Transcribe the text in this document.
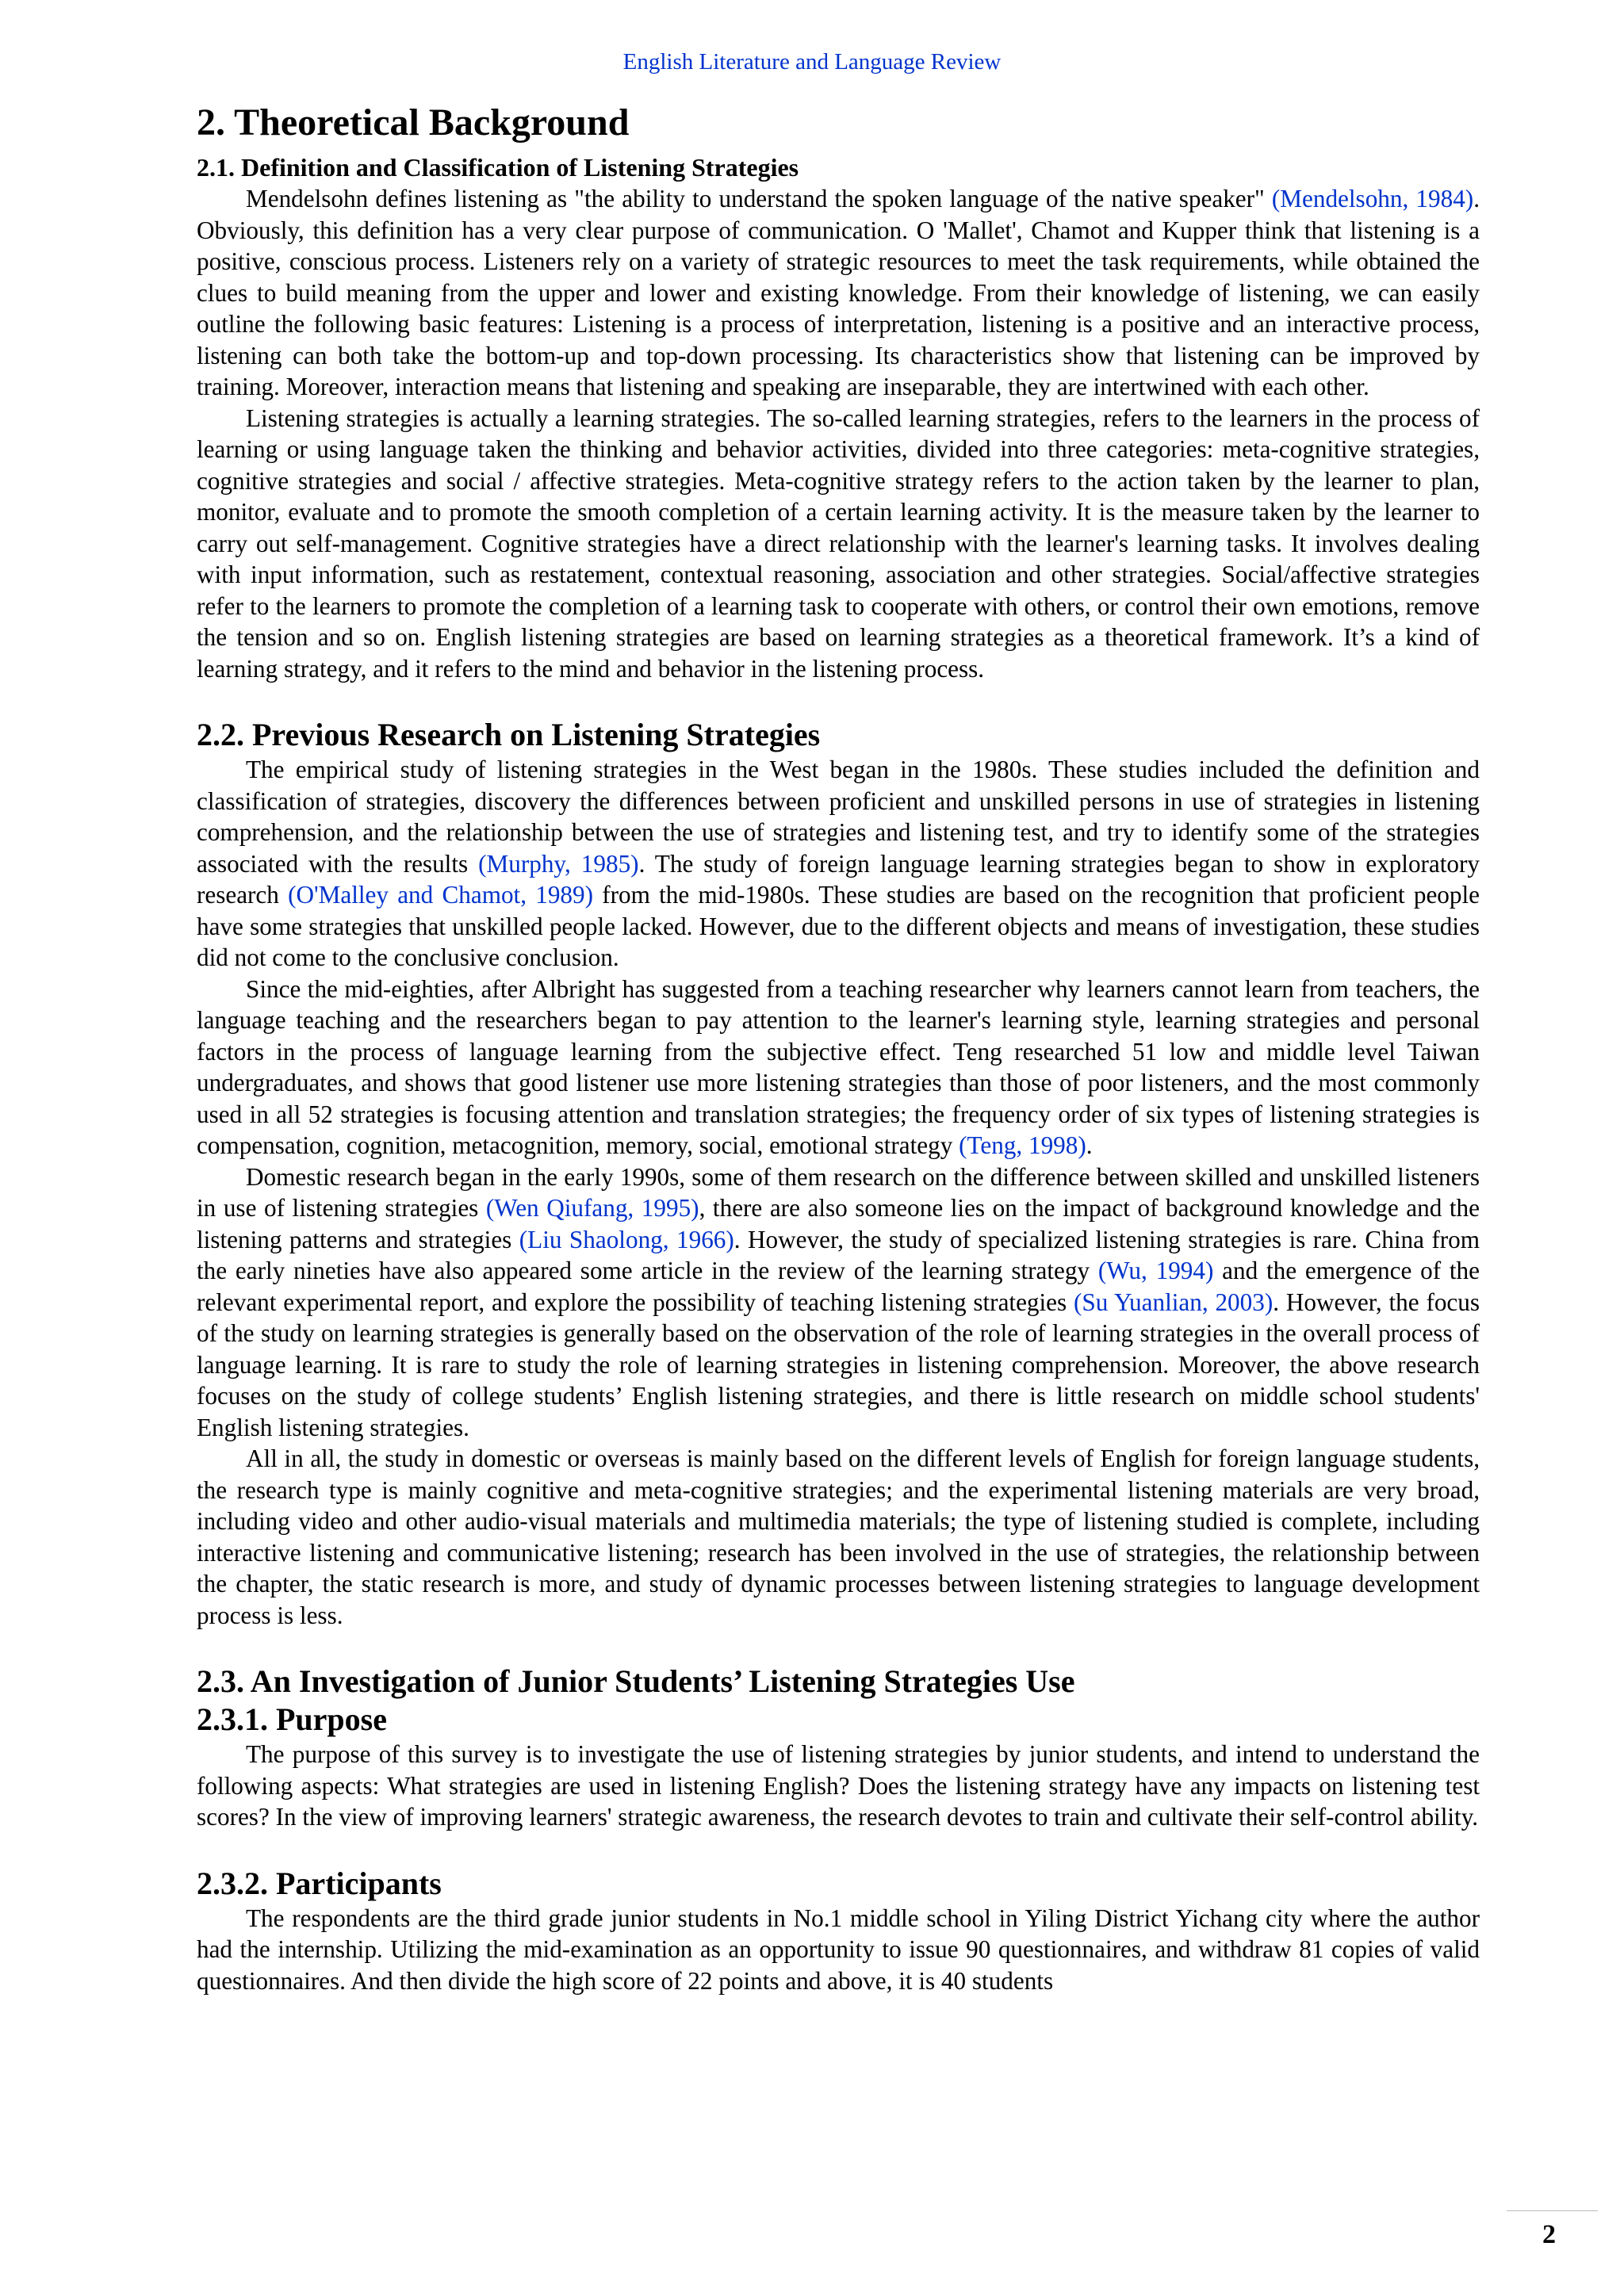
English Literature and Language Review
2. Theoretical Background
2.1. Definition and Classification of Listening Strategies

Mendelsohn defines listening as "the ability to understand the spoken language of the native speaker" (Mendelsohn, 1984). Obviously, this definition has a very clear purpose of communication. O 'Mallet', Chamot and Kupper think that listening is a positive, conscious process. Listeners rely on a variety of strategic resources to meet the task requirements, while obtained the clues to build meaning from the upper and lower and existing knowledge. From their knowledge of listening, we can easily outline the following basic features: Listening is a process of interpretation, listening is a positive and an interactive process, listening can both take the bottom-up and top-down processing. Its characteristics show that listening can be improved by training. Moreover, interaction means that listening and speaking are inseparable, they are intertwined with each other.

Listening strategies is actually a learning strategies. The so-called learning strategies, refers to the learners in the process of learning or using language taken the thinking and behavior activities, divided into three categories: meta-cognitive strategies, cognitive strategies and social / affective strategies. Meta-cognitive strategy refers to the action taken by the learner to plan, monitor, evaluate and to promote the smooth completion of a certain learning activity. It is the measure taken by the learner to carry out self-management. Cognitive strategies have a direct relationship with the learner's learning tasks. It involves dealing with input information, such as restatement, contextual reasoning, association and other strategies. Social/affective strategies refer to the learners to promote the completion of a learning task to cooperate with others, or control their own emotions, remove the tension and so on. English listening strategies are based on learning strategies as a theoretical framework. It’s a kind of learning strategy, and it refers to the mind and behavior in the listening process.

2.2. Previous Research on Listening Strategies

The empirical study of listening strategies in the West began in the 1980s. These studies included the definition and classification of strategies, discovery the differences between proficient and unskilled persons in use of strategies in listening comprehension, and the relationship between the use of strategies and listening test, and try to identify some of the strategies associated with the results (Murphy, 1985). The study of foreign language learning strategies began to show in exploratory research (O'Malley and Chamot, 1989) from the mid-1980s. These studies are based on the recognition that proficient people have some strategies that unskilled people lacked. However, due to the different objects and means of investigation, these studies did not come to the conclusive conclusion.

Since the mid-eighties, after Albright has suggested from a teaching researcher why learners cannot learn from teachers, the language teaching and the researchers began to pay attention to the learner's learning style, learning strategies and personal factors in the process of language learning from the subjective effect. Teng researched 51 low and middle level Taiwan undergraduates, and shows that good listener use more listening strategies than those of poor listeners, and the most commonly used in all 52 strategies is focusing attention and translation strategies; the frequency order of six types of listening strategies is compensation, cognition, metacognition, memory, social, emotional strategy (Teng, 1998).

Domestic research began in the early 1990s, some of them research on the difference between skilled and unskilled listeners in use of listening strategies (Wen Qiufang, 1995), there are also someone lies on the impact of background knowledge and the listening patterns and strategies (Liu Shaolong, 1966). However, the study of specialized listening strategies is rare. China from the early nineties have also appeared some article in the review of the learning strategy (Wu, 1994) and the emergence of the relevant experimental report, and explore the possibility of teaching listening strategies (Su Yuanlian, 2003). However, the focus of the study on learning strategies is generally based on the observation of the role of learning strategies in the overall process of language learning. It is rare to study the role of learning strategies in listening comprehension. Moreover, the above research focuses on the study of college students’ English listening strategies, and there is little research on middle school students' English listening strategies.

All in all, the study in domestic or overseas is mainly based on the different levels of English for foreign language students, the research type is mainly cognitive and meta-cognitive strategies; and the experimental listening materials are very broad, including video and other audio-visual materials and multimedia materials; the type of listening studied is complete, including interactive listening and communicative listening; research has been involved in the use of strategies, the relationship between the chapter, the static research is more, and study of dynamic processes between listening strategies to language development process is less.

2.3. An Investigation of Junior Students’ Listening Strategies Use
2.3.1. Purpose

The purpose of this survey is to investigate the use of listening strategies by junior students, and intend to understand the following aspects: What strategies are used in listening English? Does the listening strategy have any impacts on listening test scores? In the view of improving learners' strategic awareness, the research devotes to train and cultivate their self-control ability.

2.3.2. Participants

The respondents are the third grade junior students in No.1 middle school in Yiling District Yichang city where the author had the internship. Utilizing the mid-examination as an opportunity to issue 90 questionnaires, and withdraw 81 copies of valid questionnaires. And then divide the high score of 22 points and above, it is 40 students

2
